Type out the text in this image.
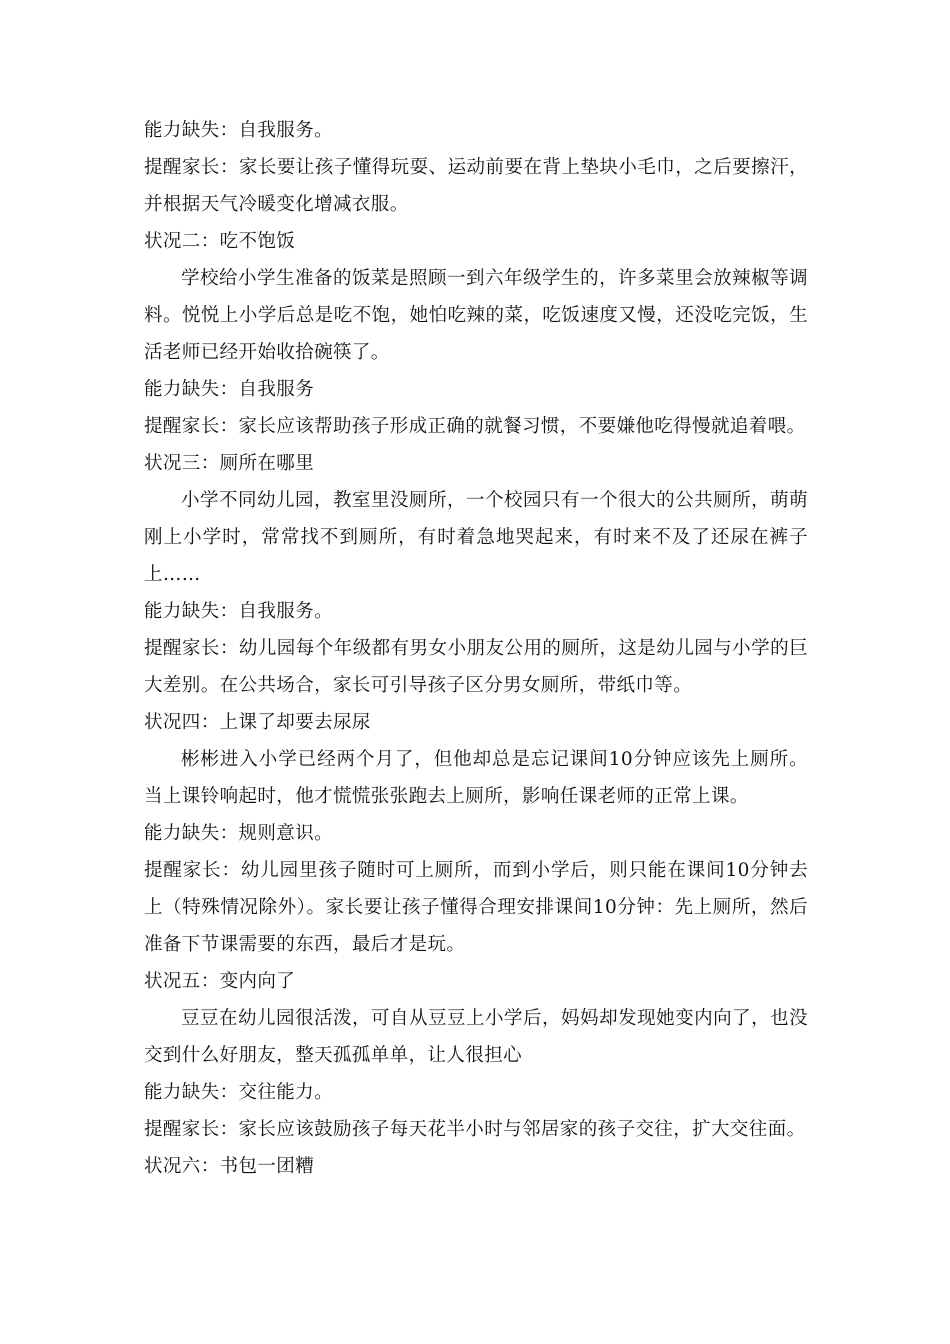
能力缺失：自我服务。

提醒家长：家长要让孩子懂得玩耍、运动前要在背上垫块小毛巾，之后要擦汗，并根据天气冷暖变化增减衣服。

状况二：吃不饱饭

学校给小学生准备的饭菜是照顾一到六年级学生的，许多菜里会放辣椒等调料。悦悦上小学后总是吃不饱，她怕吃辣的菜，吃饭速度又慢，还没吃完饭，生活老师已经开始收拾碗筷了。

能力缺失：自我服务

提醒家长：家长应该帮助孩子形成正确的就餐习惯，不要嫌他吃得慢就追着喂。

状况三：厕所在哪里

小学不同幼儿园，教室里没厕所，一个校园只有一个很大的公共厕所，萌萌刚上小学时，常常找不到厕所，有时着急地哭起来，有时来不及了还尿在裤子上……

能力缺失：自我服务。

提醒家长：幼儿园每个年级都有男女小朋友公用的厕所，这是幼儿园与小学的巨大差别。在公共场合，家长可引导孩子区分男女厕所，带纸巾等。

状况四：上课了却要去尿尿

彬彬进入小学已经两个月了，但他却总是忘记课间10分钟应该先上厕所。当上课铃响起时，他才慌慌张张跑去上厕所，影响任课老师的正常上课。

能力缺失：规则意识。

提醒家长：幼儿园里孩子随时可上厕所，而到小学后，则只能在课间10分钟去上（特殊情况除外）。家长要让孩子懂得合理安排课间10分钟：先上厕所，然后准备下节课需要的东西，最后才是玩。

状况五：变内向了

豆豆在幼儿园很活泼，可自从豆豆上小学后，妈妈却发现她变内向了，也没交到什么好朋友，整天孤孤单单，让人很担心

能力缺失：交往能力。

提醒家长：家长应该鼓励孩子每天花半小时与邻居家的孩子交往，扩大交往面。

状况六：书包一团糟
